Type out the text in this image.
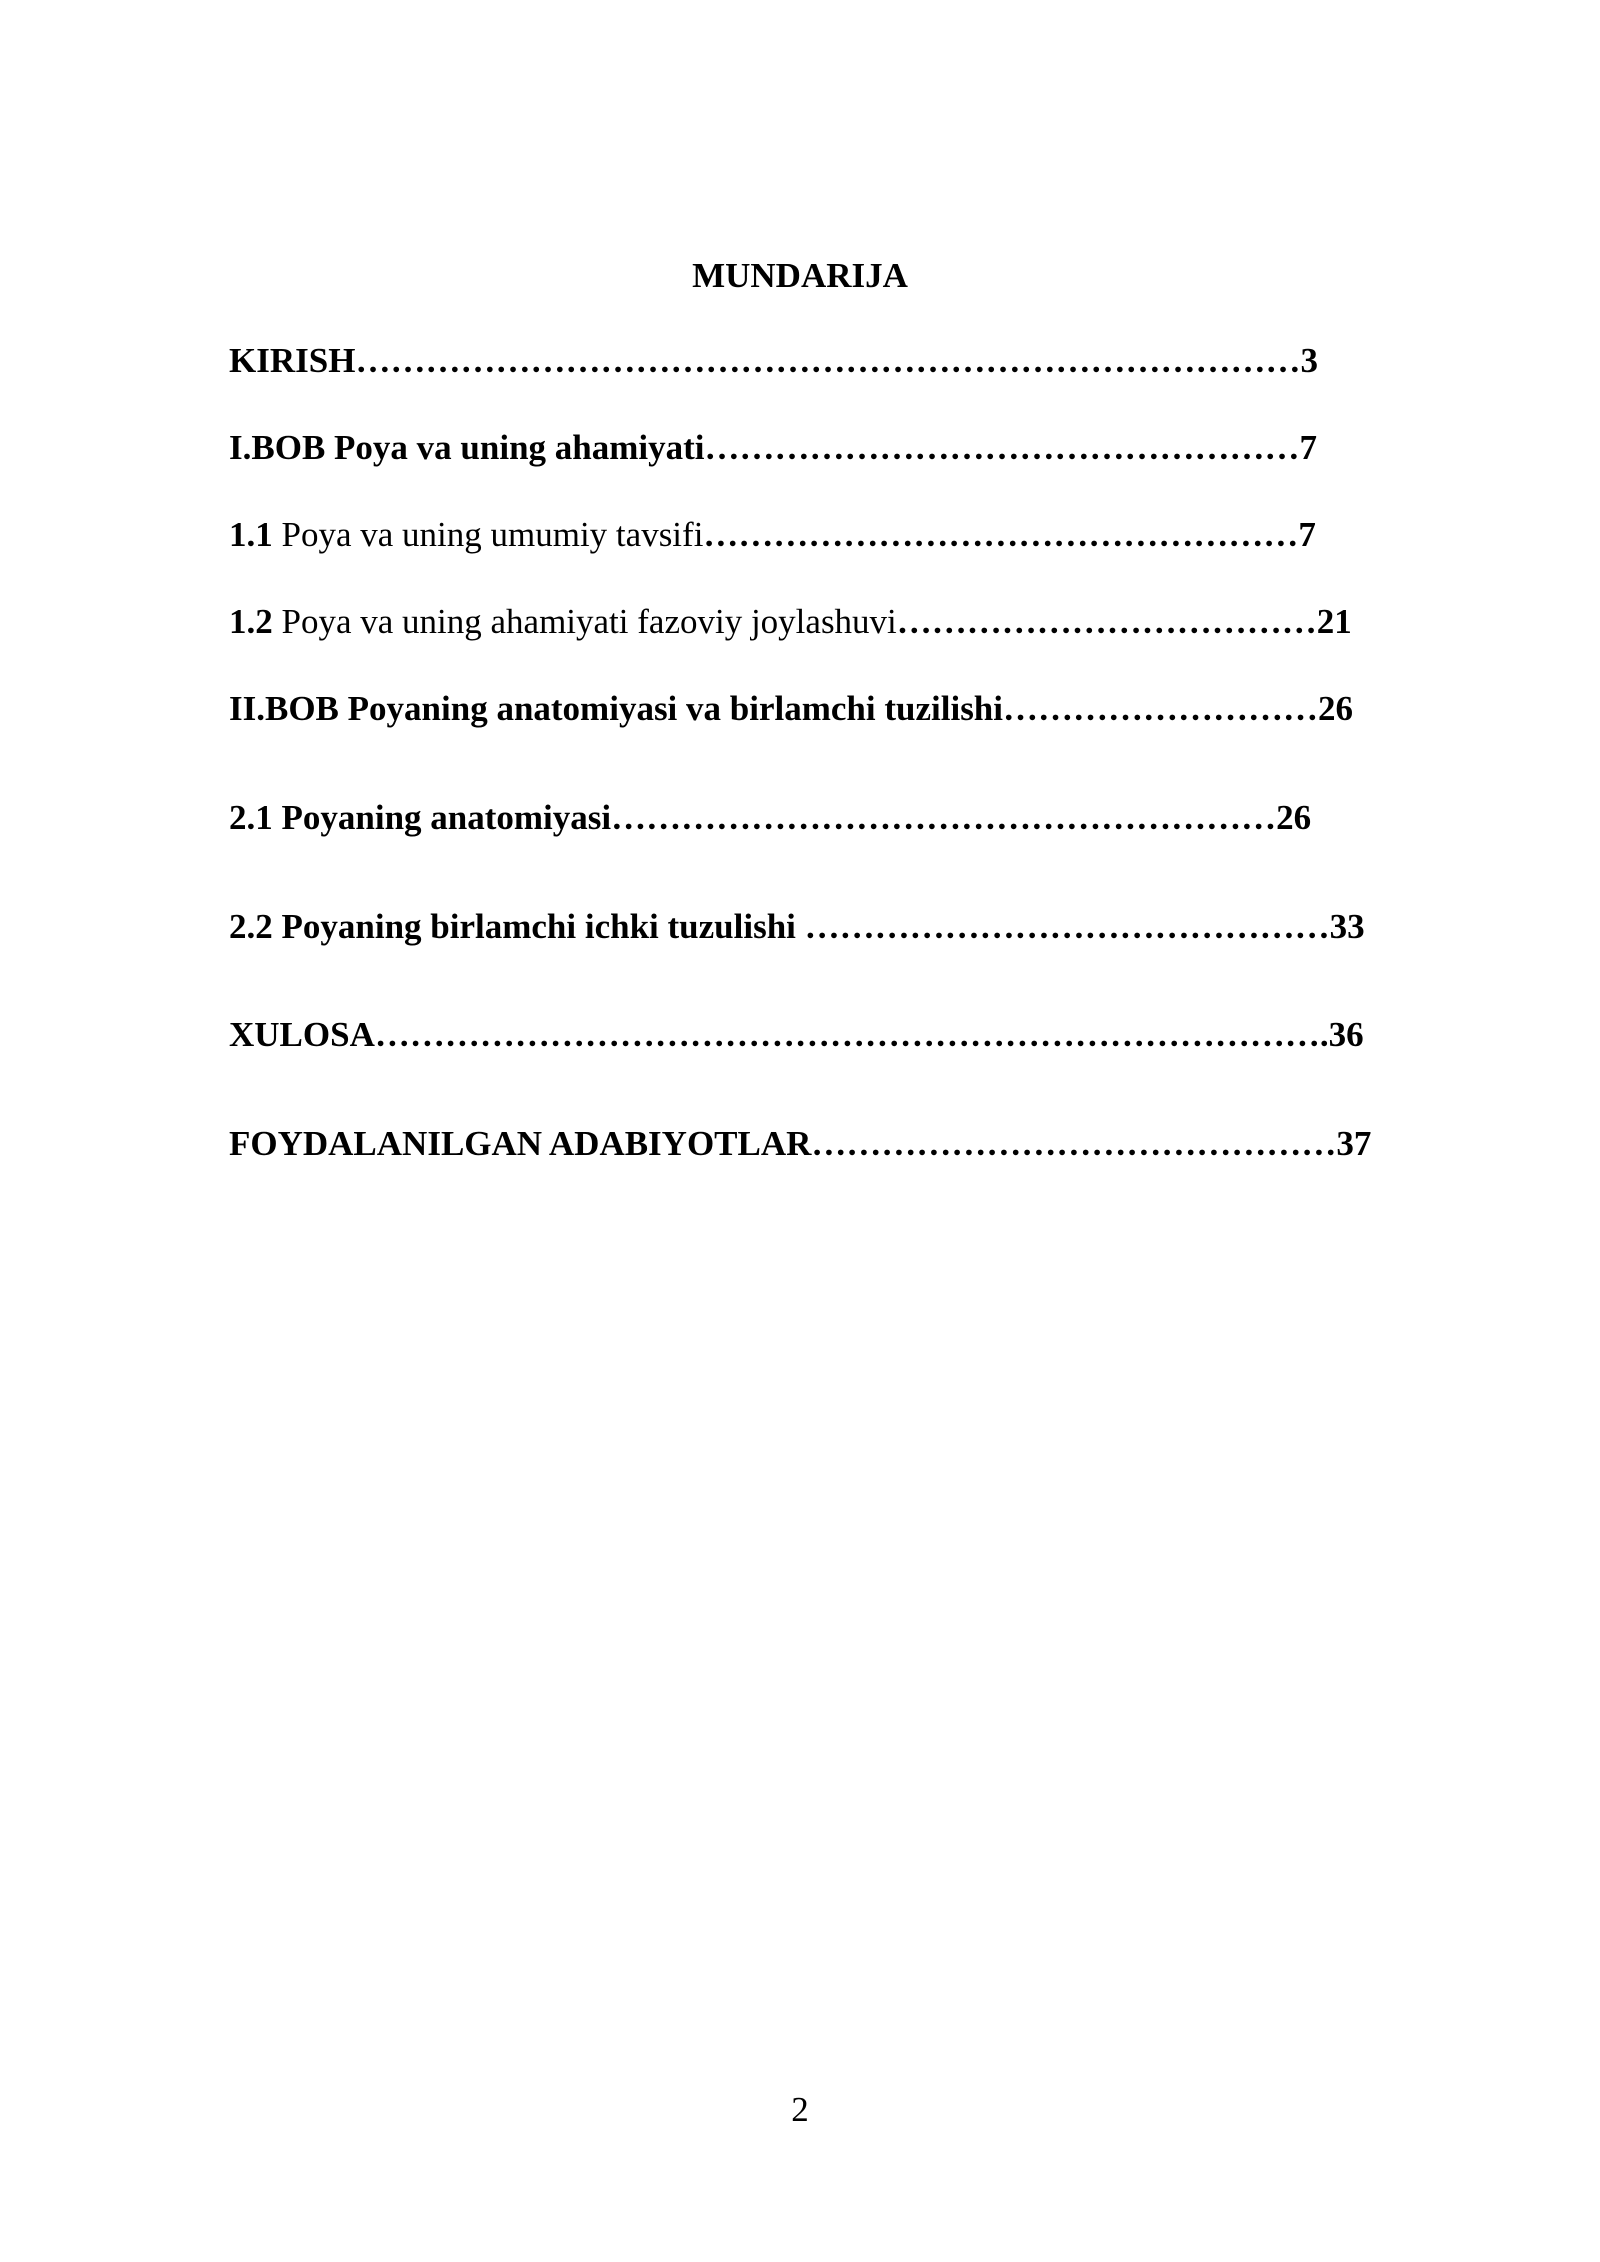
MUNDARIJA
KIRISH………………………………………………………………………3
I.BOB Poya va uning ahamiyati……………………………………………7
1.1 Poya va uning umumiy tavsifi……………………………………………7
1.2 Poya va uning ahamiyati fazoviy joylashuvi………………………………21
II.BOB Poyaning anatomiyasi va birlamchi tuzilishi………………………26
2.1 Poyaning anatomiyasi…………………………………………………26
2.2 Poyaning birlamchi ichki tuzulishi ………………………………………33
XULOSA……………………………………………………………………….36
FOYDALANILGAN ADABIYOTLAR………………………………………37
2
